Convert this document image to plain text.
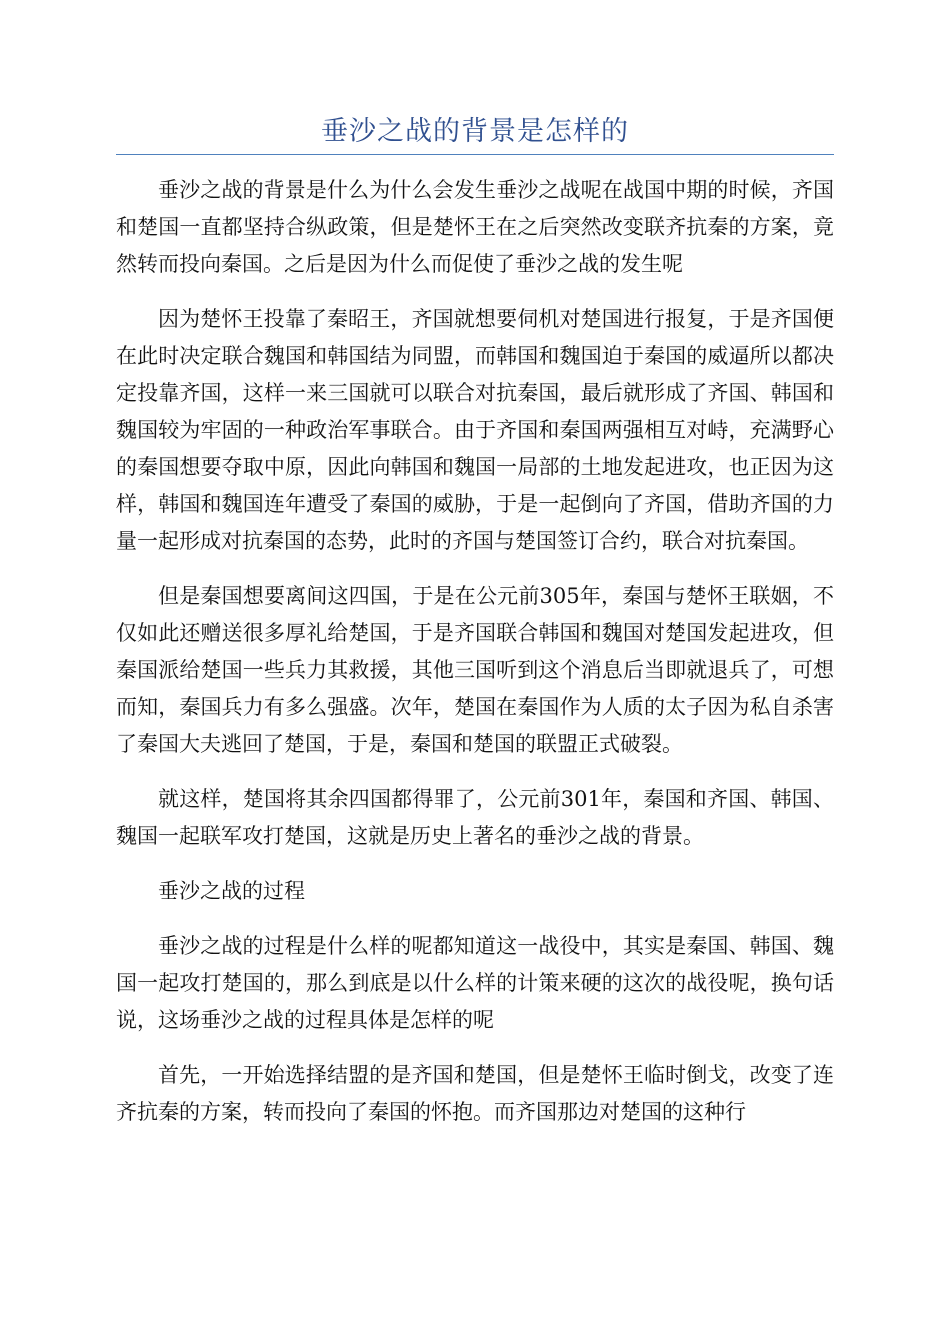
垂沙之战的背景是怎样的

垂沙之战的背景是什么为什么会发生垂沙之战呢在战国中期的时候，齐国和楚国一直都坚持合纵政策，但是楚怀王在之后突然改变联齐抗秦的方案，竟然转而投向秦国。之后是因为什么而促使了垂沙之战的发生呢

因为楚怀王投靠了秦昭王，齐国就想要伺机对楚国进行报复，于是齐国便在此时决定联合魏国和韩国结为同盟，而韩国和魏国迫于秦国的威逼所以都决定投靠齐国，这样一来三国就可以联合对抗秦国，最后就形成了齐国、韩国和魏国较为牢固的一种政治军事联合。由于齐国和秦国两强相互对峙，充满野心的秦国想要夺取中原，因此向韩国和魏国一局部的土地发起进攻，也正因为这样，韩国和魏国连年遭受了秦国的威胁，于是一起倒向了齐国，借助齐国的力量一起形成对抗秦国的态势，此时的齐国与楚国签订合约，联合对抗秦国。

但是秦国想要离间这四国，于是在公元前305年，秦国与楚怀王联姻，不仅如此还赠送很多厚礼给楚国，于是齐国联合韩国和魏国对楚国发起进攻，但秦国派给楚国一些兵力其救援，其他三国听到这个消息后当即就退兵了，可想而知，秦国兵力有多么强盛。次年，楚国在秦国作为人质的太子因为私自杀害了秦国大夫逃回了楚国，于是，秦国和楚国的联盟正式破裂。

就这样，楚国将其余四国都得罪了，公元前301年，秦国和齐国、韩国、魏国一起联军攻打楚国，这就是历史上著名的垂沙之战的背景。

垂沙之战的过程

垂沙之战的过程是什么样的呢都知道这一战役中，其实是秦国、韩国、魏国一起攻打楚国的，那么到底是以什么样的计策来硬的这次的战役呢，换句话说，这场垂沙之战的过程具体是怎样的呢

首先，一开始选择结盟的是齐国和楚国，但是楚怀王临时倒戈，改变了连齐抗秦的方案，转而投向了秦国的怀抱。而齐国那边对楚国的这种行
